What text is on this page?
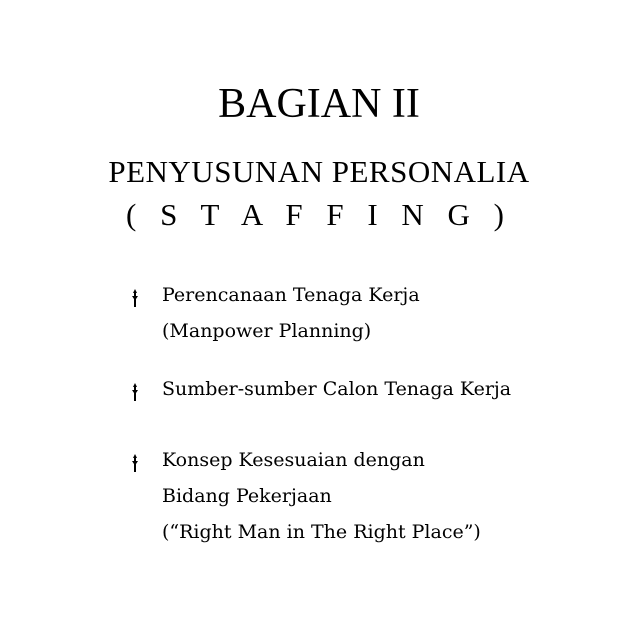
BAGIAN II
PENYUSUNAN PERSONALIA
( S T A F F I N G )
Perencanaan Tenaga Kerja
(Manpower Planning)
Sumber-sumber Calon Tenaga Kerja
Konsep Kesesuaian dengan
Bidang Pekerjaan
(“Right Man in The Right Place”)
